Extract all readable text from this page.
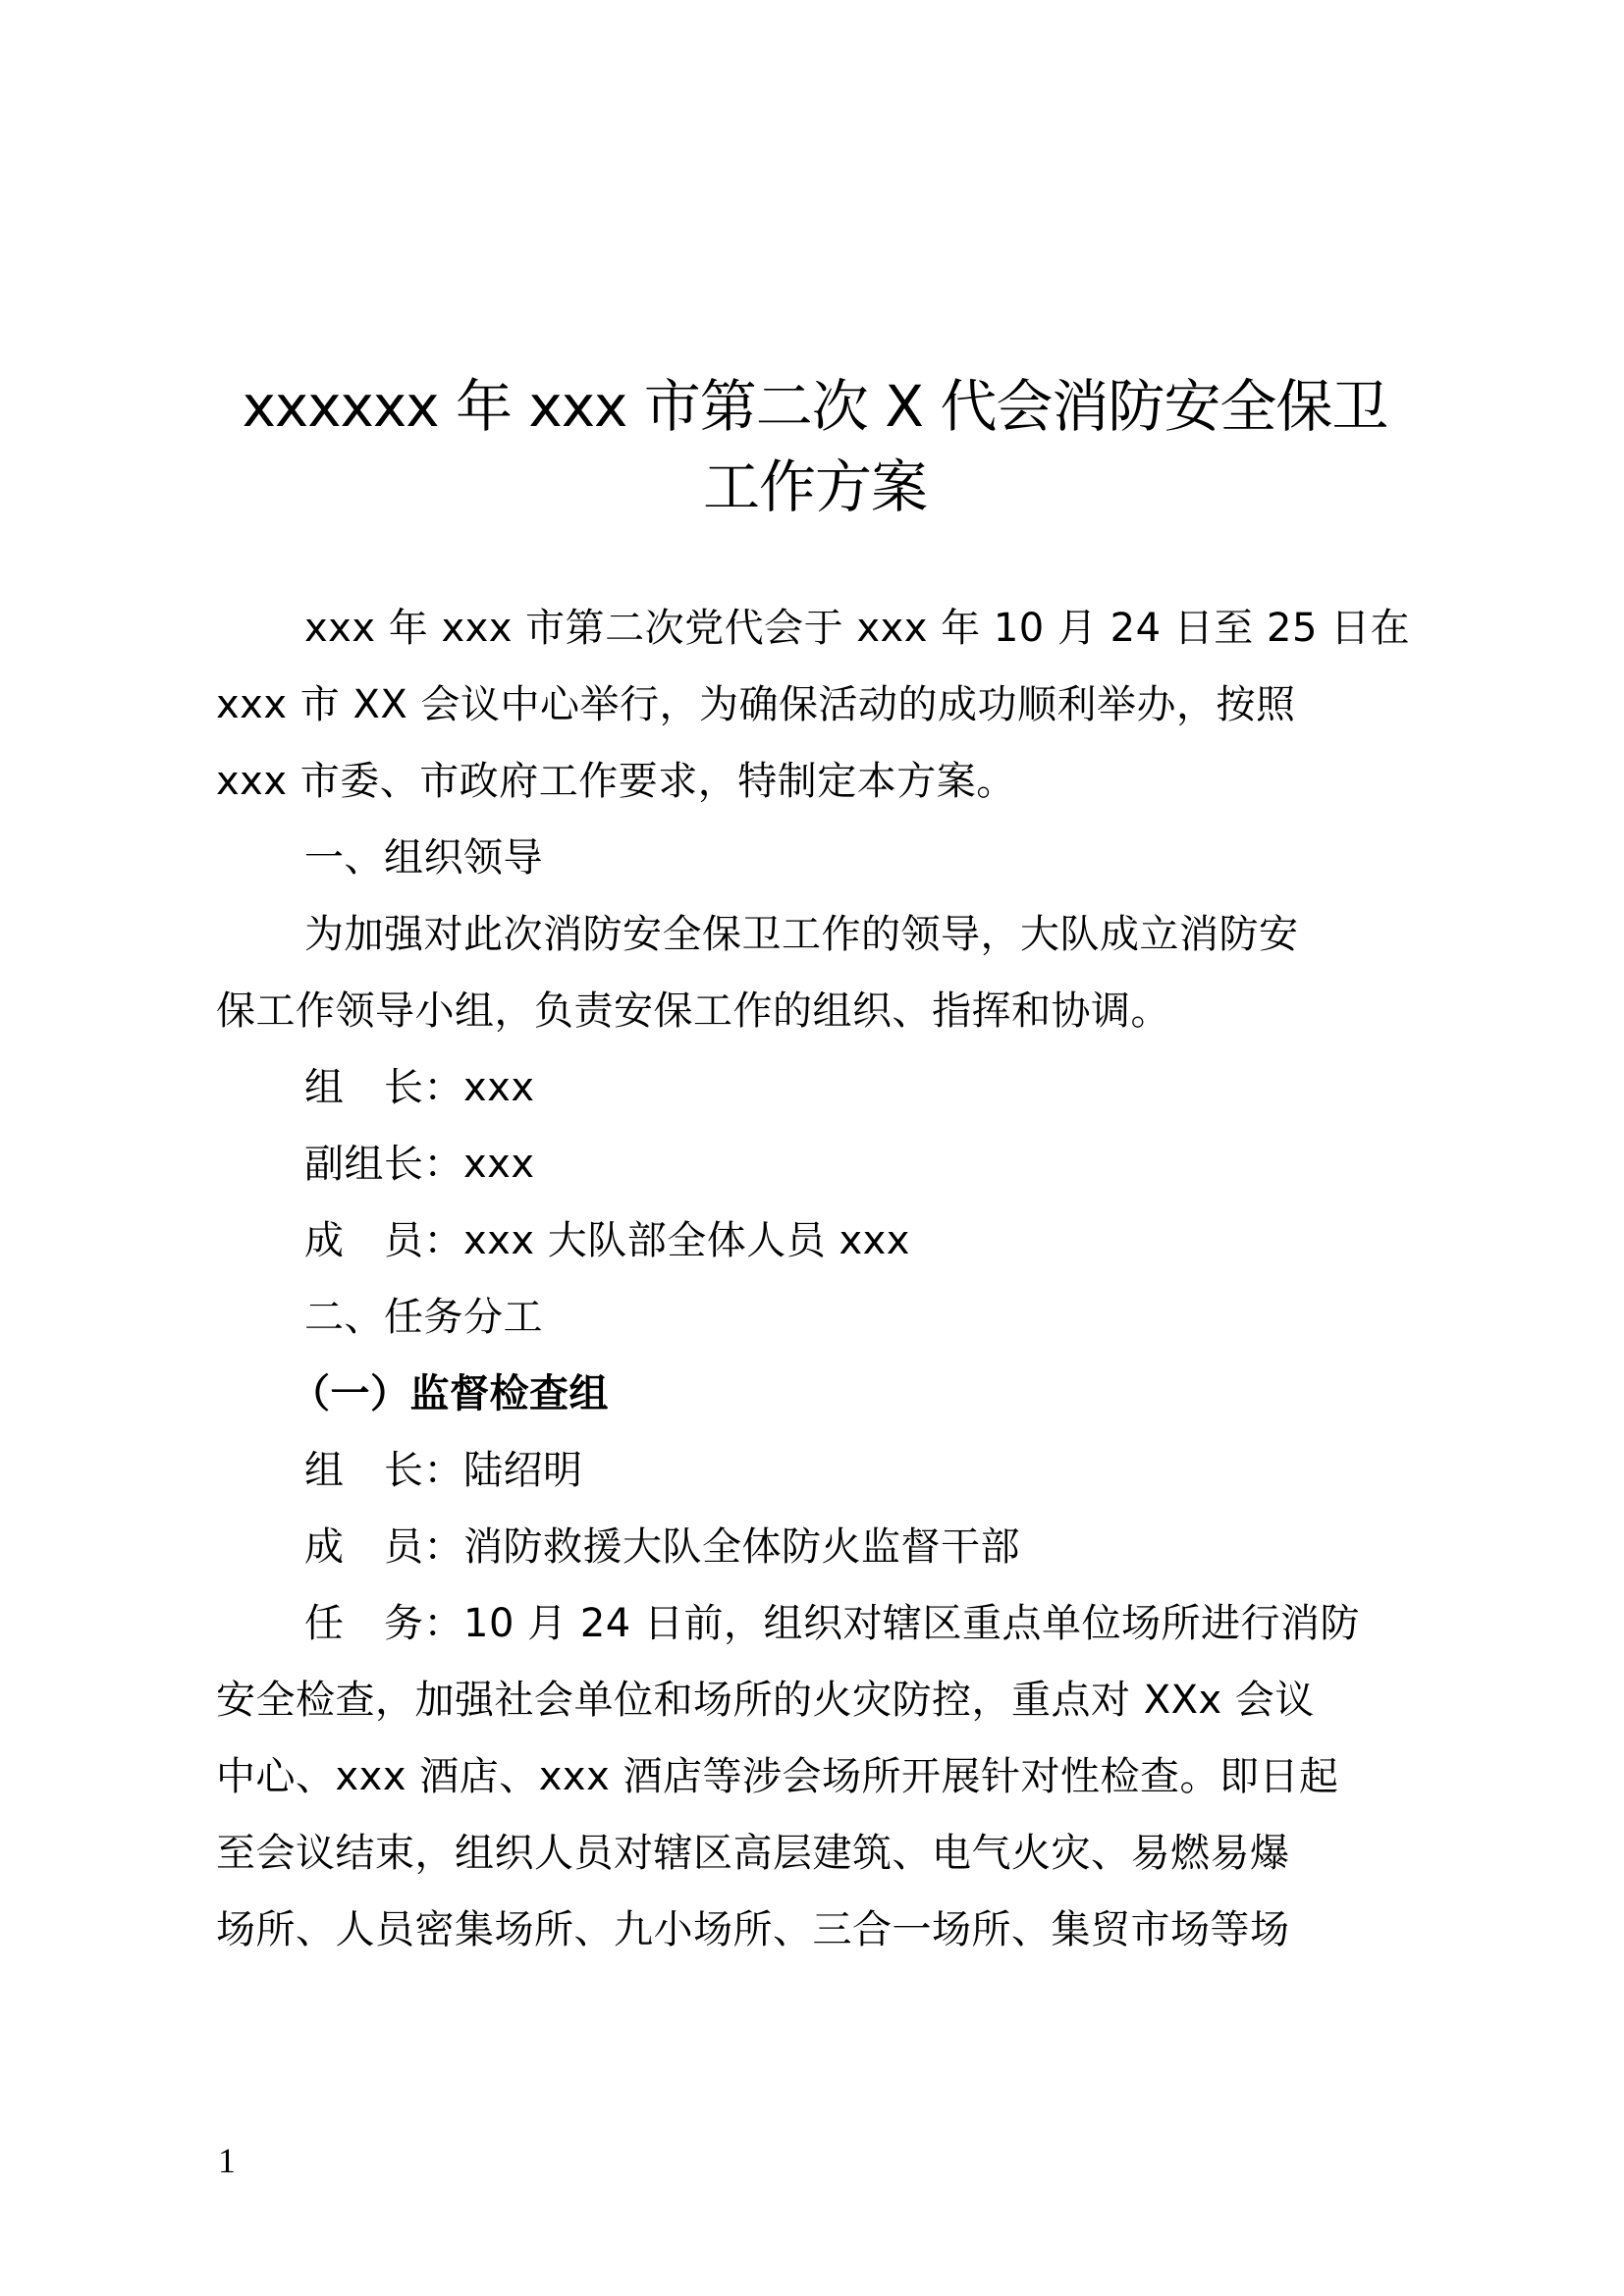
xxxxxx 年 xxx 市第二次 X 代会消防安全保卫
工作方案
xxx 年 xxx 市第二次党代会于 xxx 年 10 月 24 日至 25 日在
xxx 市 XX 会议中心举行，为确保活动的成功顺利举办，按照
xxx 市委、市政府工作要求，特制定本方案。
一、组织领导
为加强对此次消防安全保卫工作的领导，大队成立消防安
保工作领导小组，负责安保工作的组织、指挥和协调。
组　长：xxx
副组长：xxx
成　员：xxx 大队部全体人员 xxx
二、任务分工
（一）监督检查组
组　长：陆绍明
成　员：消防救援大队全体防火监督干部
任　务：10 月 24 日前，组织对辖区重点单位场所进行消防
安全检查，加强社会单位和场所的火灾防控，重点对 XXx 会议
中心、xxx 酒店、xxx 酒店等涉会场所开展针对性检查。即日起
至会议结束，组织人员对辖区高层建筑、电气火灾、易燃易爆
场所、人员密集场所、九小场所、三合一场所、集贸市场等场
1
